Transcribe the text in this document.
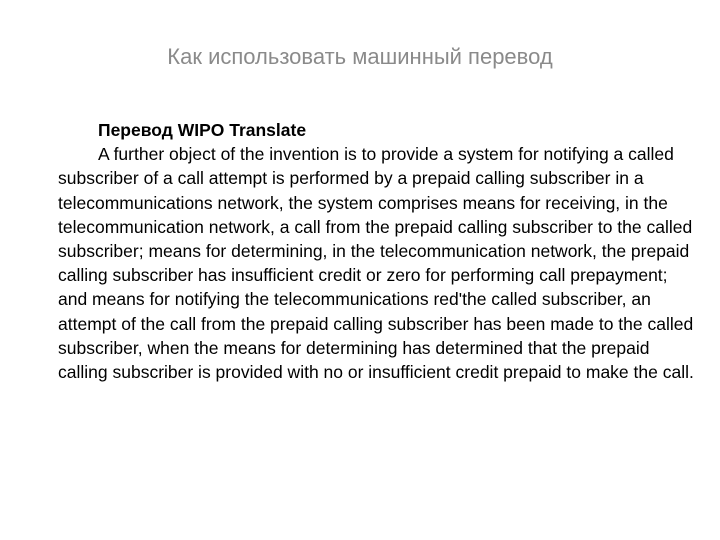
Как использовать машинный перевод

Перевод WIPO Translate

A further object of the invention is to provide a system for notifying a called subscriber of a call attempt is performed by a prepaid calling subscriber in a telecommunications network, the system comprises means for receiving, in the telecommunication network, a call from the prepaid calling subscriber to the called subscriber; means for determining, in the telecommunication network, the prepaid calling subscriber has insufficient credit or zero for performing call prepayment; and means for notifying the telecommunications red'the called subscriber, an attempt of the call from the prepaid calling subscriber has been made to the called subscriber, when the means for determining has determined that the prepaid calling subscriber is provided with no or insufficient credit prepaid to make the call.
